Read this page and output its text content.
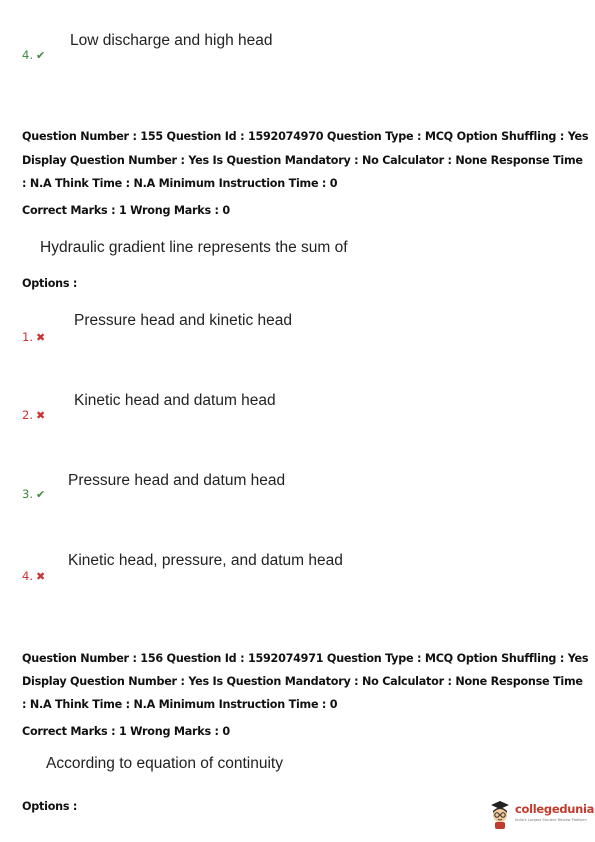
Low discharge and high head
4. ✔
Question Number : 155 Question Id : 1592074970 Question Type : MCQ Option Shuffling : Yes
Display Question Number : Yes Is Question Mandatory : No Calculator : None Response Time
: N.A Think Time : N.A Minimum Instruction Time : 0
Correct Marks : 1 Wrong Marks : 0
Hydraulic gradient line represents the sum of
Options :
Pressure head and kinetic head
1. ✖
Kinetic head and datum head
2. ✖
Pressure head and datum head
3. ✔
Kinetic head, pressure, and datum head
4. ✖
Question Number : 156 Question Id : 1592074971 Question Type : MCQ Option Shuffling : Yes
Display Question Number : Yes Is Question Mandatory : No Calculator : None Response Time
: N.A Think Time : N.A Minimum Instruction Time : 0
Correct Marks : 1 Wrong Marks : 0
According to equation of continuity
Options :	collegedunia
India's Largest Student Review Platform
